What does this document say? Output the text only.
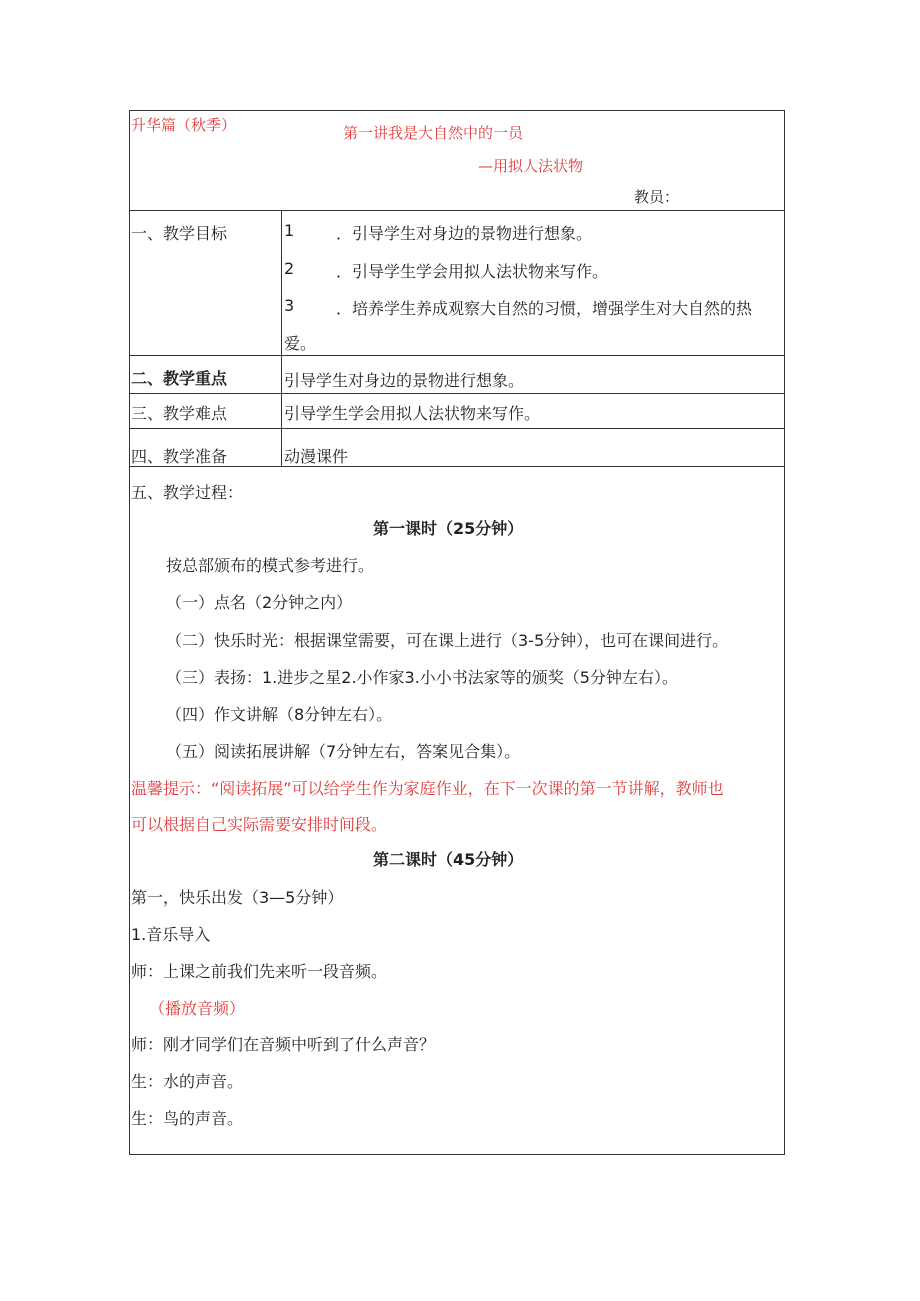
升华篇（秋季）	第一讲我是大自然中的一员
—用拟人法状物
教员：
一、教学目标	1	．引导学生对身边的景物进行想象。
2	．引导学生学会用拟人法状物来写作。
3	．培养学生养成观察大自然的习惯，增强学生对大自然的热
爱。
二、教学重点	引导学生对身边的景物进行想象。
三、教学难点	引导学生学会用拟人法状物来写作。
四、教学准备	动漫课件
五、教学过程：
第一课时（25分钟）
按总部颁布的模式参考进行。
（一）点名（2分钟之内）
（二）快乐时光：根据课堂需要，可在课上进行（3-5分钟），也可在课间进行。
（三）表扬：1.进步之星2.小作家3.小小书法家等的颁奖（5分钟左右）。
（四）作文讲解（8分钟左右）。
（五）阅读拓展讲解（7分钟左右，答案见合集）。
温馨提示：“阅读拓展”可以给学生作为家庭作业，在下一次课的第一节讲解，教师也
可以根据自己实际需要安排时间段。
第二课时（45分钟）
第一，快乐出发（3—5分钟）
1.音乐导入
师：上课之前我们先来听一段音频。
（播放音频）
师：刚才同学们在音频中听到了什么声音？
生：水的声音。
生：鸟的声音。
